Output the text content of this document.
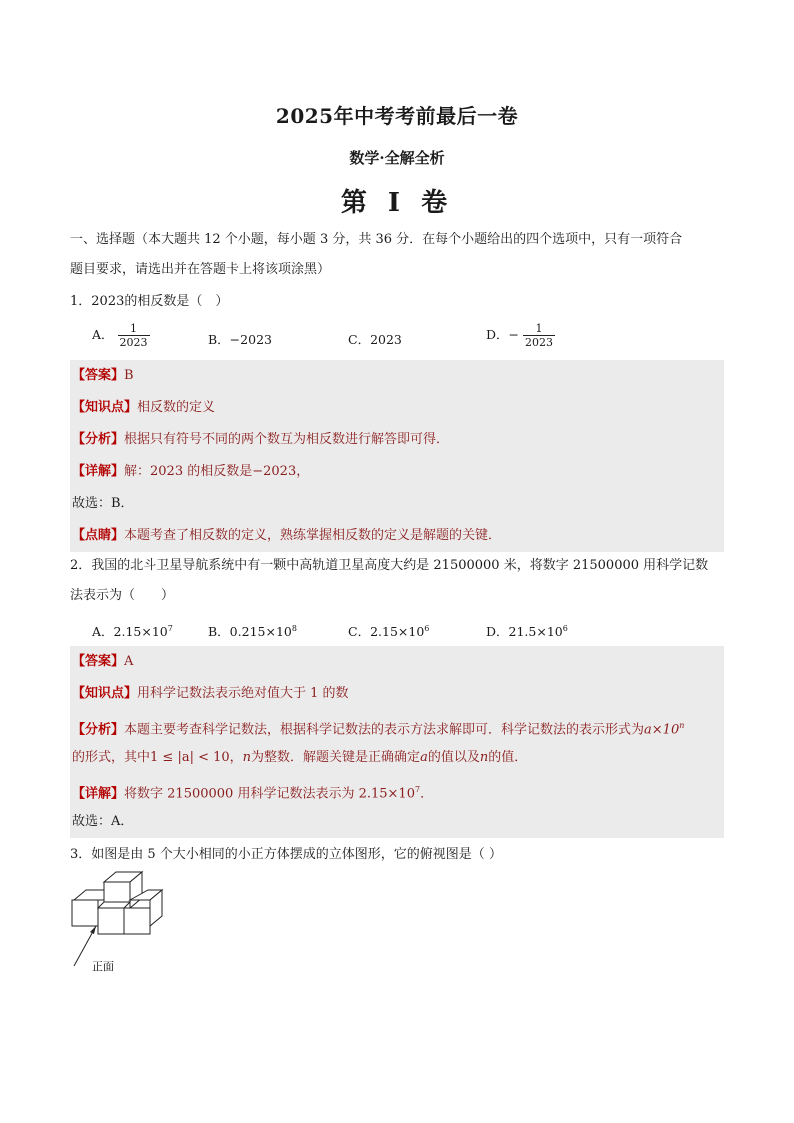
2025年中考考前最后一卷
数学·全解全析
第 I 卷
一、选择题（本大题共 12 个小题，每小题 3 分，共 36 分．在每个小题给出的四个选项中，只有一项符合
题目要求，请选出并在答题卡上将该项涂黑）
1．2023的相反数是（　）
A． $\frac{1}{2023}$	B．−2023	C．2023	D．− $\frac{1}{2023}$
【答案】B
【知识点】相反数的定义
【分析】根据只有符号不同的两个数互为相反数进行解答即可得．
【详解】解：2023 的相反数是−2023，
故选：B．
【点睛】本题考查了相反数的定义，熟练掌握相反数的定义是解题的关键．
2．我国的北斗卫星导航系统中有一颗中高轨道卫星高度大约是 21500000 米，将数字 21500000 用科学记数
法表示为（　　）
A．$2.15\times 10^7$	B．$0.215\times 10^8$	C．$2.15\times 10^6$	D．$21.5\times 10^6$
【答案】A
【知识点】用科学记数法表示绝对值大于 1 的数
【分析】本题主要考查科学记数法，根据科学记数法的表示方法求解即可．科学记数法的表示形式为$a\times 10^n$
的形式，其中1 ≤ |a| < 10，n为整数．解题关键是正确确定a的值以及n的值．
【详解】将数字 21500000 用科学记数法表示为 $2.15\times 10^7$．
故选：A．
3．如图是由 5 个大小相同的小正方体摆成的立体图形，它的俯视图是（ ）
正面
